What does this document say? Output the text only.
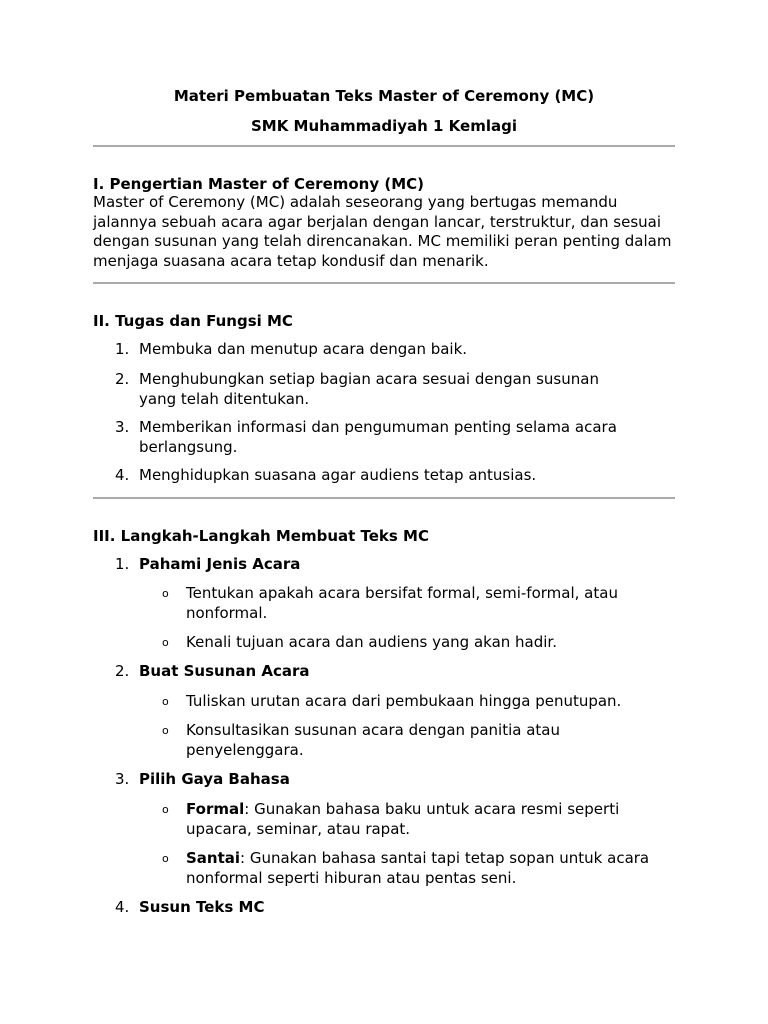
Materi Pembuatan Teks Master of Ceremony (MC)

SMK Muhammadiyah 1 Kemlagi

I. Pengertian Master of Ceremony (MC)

Master of Ceremony (MC) adalah seseorang yang bertugas memandu jalannya sebuah acara agar berjalan dengan lancar, terstruktur, dan sesuai dengan susunan yang telah direncanakan. MC memiliki peran penting dalam menjaga suasana acara tetap kondusif dan menarik.

II. Tugas dan Fungsi MC

1. Membuka dan menutup acara dengan baik.
2. Menghubungkan setiap bagian acara sesuai dengan susunan yang telah ditentukan.
3. Memberikan informasi dan pengumuman penting selama acara berlangsung.
4. Menghidupkan suasana agar audiens tetap antusias.

III. Langkah-Langkah Membuat Teks MC

1. Pahami Jenis Acara
o Tentukan apakah acara bersifat formal, semi-formal, atau nonformal.
o Kenali tujuan acara dan audiens yang akan hadir.
2. Buat Susunan Acara
o Tuliskan urutan acara dari pembukaan hingga penutupan.
o Konsultasikan susunan acara dengan panitia atau penyelenggara.
3. Pilih Gaya Bahasa
o Formal: Gunakan bahasa baku untuk acara resmi seperti upacara, seminar, atau rapat.
o Santai: Gunakan bahasa santai tapi tetap sopan untuk acara nonformal seperti hiburan atau pentas seni.
4. Susun Teks MC
